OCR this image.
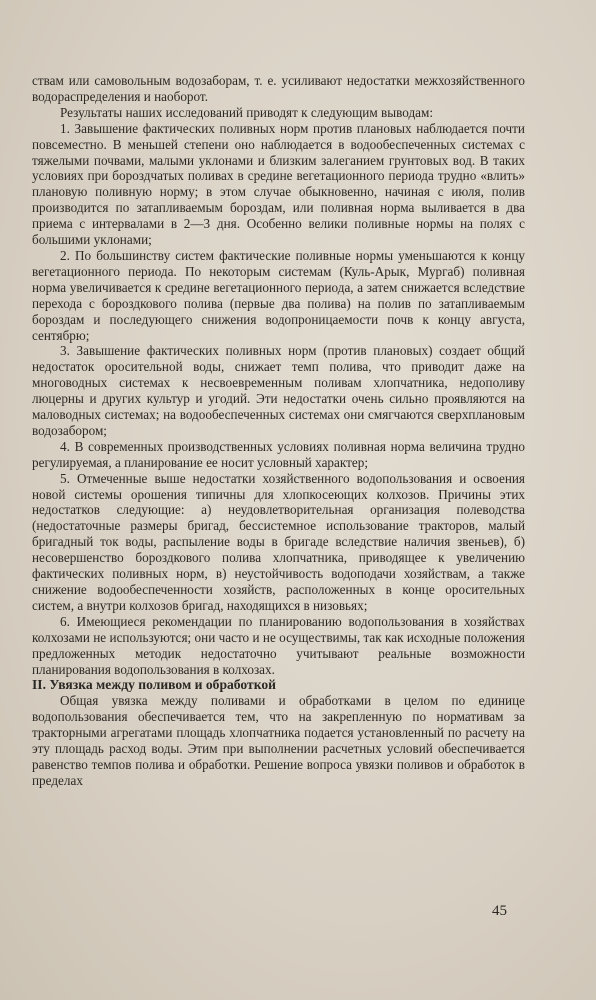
ствам или самовольным водозаборам, т. е. усиливают недостатки межхозяйственного водораспределения и наоборот.

Результаты наших исследований приводят к следующим выводам:

1. Завышение фактических поливных норм против плановых наблюдается почти повсеместно. В меньшей степени оно наблюдается в водообеспеченных системах с тяжелыми почвами, малыми уклонами и близким залеганием грунтовых вод. В таких условиях при бороздчатых поливах в средине вегетационного периода трудно «влить» плановую поливную норму; в этом случае обыкновенно, начиная с июля, полив производится по затапливаемым бороздам, или поливная норма выливается в два приема с интервалами в 2—3 дня. Особенно велики поливные нормы на полях с большими уклонами;

2. По большинству систем фактические поливные нормы уменьшаются к концу вегетационного периода. По некоторым системам (Куль-Арык, Мургаб) поливная норма увеличивается к средине вегетационного периода, а затем снижается вследствие перехода с бороздкового полива (первые два полива) на полив по затапливаемым бороздам и последующего снижения водопроницаемости почв к концу августа, сентябрю;

3. Завышение фактических поливных норм (против плановых) создает общий недостаток оросительной воды, снижает темп полива, что приводит даже на многоводных системах к несвоевременным поливам хлопчатника, недополиву люцерны и других культур и угодий. Эти недостатки очень сильно проявляются на маловодных системах; на водообеспеченных системах они смягчаются сверхплановым водозабором;

4. В современных производственных условиях поливная норма величина трудно регулируемая, а планирование ее носит условный характер;

5. Отмеченные выше недостатки хозяйственного водопользования и освоения новой системы орошения типичны для хлопкосеющих колхозов. Причины этих недостатков следующие: а) неудовлетворительная организация полеводства (недостаточные размеры бригад, бессистемное использование тракторов, малый бригадный ток воды, распыление воды в бригаде вследствие наличия звеньев), б) несовершенство бороздкового полива хлопчатника, приводящее к увеличению фактических поливных норм, в) неустойчивость водоподачи хозяйствам, а также снижение водообеспеченности хозяйств, расположенных в конце оросительных систем, а внутри колхозов бригад, находящихся в низовьях;

6. Имеющиеся рекомендации по планированию водопользования в хозяйствах колхозами не используются; они часто и не осуществимы, так как исходные положения предложенных методик недостаточно учитывают реальные возможности планирования водопользования в колхозах.

II. Увязка между поливом и обработкой

Общая увязка между поливами и обработками в целом по единице водопользования обеспечивается тем, что на закрепленную по нормативам за тракторными агрегатами площадь хлопчатника подается установленный по расчету на эту площадь расход воды. Этим при выполнении расчетных условий обеспечивается равенство темпов полива и обработки. Решение вопроса увязки поливов и обработок в пределах

45
